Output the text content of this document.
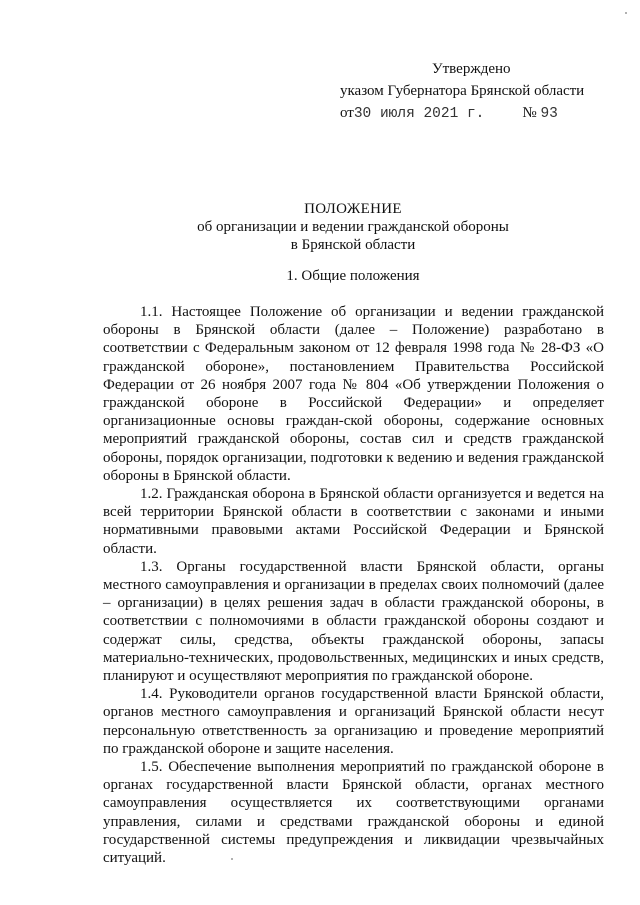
Утверждено
указом Губернатора Брянской области
от30 июля 2021 г.	№ 93
ПОЛОЖЕНИЕ
об организации и ведении гражданской обороны
в Брянской области
1. Общие положения

1.1. Настоящее Положение об организации и ведении гражданской обороны в Брянской области (далее – Положение) разработано в соответствии с Федеральным законом от 12 февраля 1998 года № 28-ФЗ «О гражданской обороне», постановлением Правительства Российской Федерации от 26 ноября 2007 года № 804 «Об утверждении Положения о гражданской обороне в Российской Федерации» и определяет организационные основы граждан-ской обороны, содержание основных мероприятий гражданской обороны, состав сил и средств гражданской обороны, порядок организации, подготовки к ведению и ведения гражданской обороны в Брянской области.

1.2. Гражданская оборона в Брянской области организуется и ведется на всей территории Брянской области в соответствии с законами и иными нормативными правовыми актами Российской Федерации и Брянской области.

1.3. Органы государственной власти Брянской области, органы местного самоуправления и организации в пределах своих полномочий (далее – организации) в целях решения задач в области гражданской обороны, в соответствии с полномочиями в области гражданской обороны создают и содержат силы, средства, объекты гражданской обороны, запасы материально-технических, продовольственных, медицинских и иных средств, планируют и осуществляют мероприятия по гражданской обороне.

1.4. Руководители органов государственной власти Брянской области, органов местного самоуправления и организаций Брянской области несут персональную ответственность за организацию и проведение мероприятий по гражданской обороне и защите населения.

1.5. Обеспечение выполнения мероприятий по гражданской обороне в органах государственной власти Брянской области, органах местного самоуправления осуществляется их соответствующими органами управления, силами и средствами гражданской обороны и единой государственной системы предупреждения и ликвидации чрезвычайных ситуаций.
